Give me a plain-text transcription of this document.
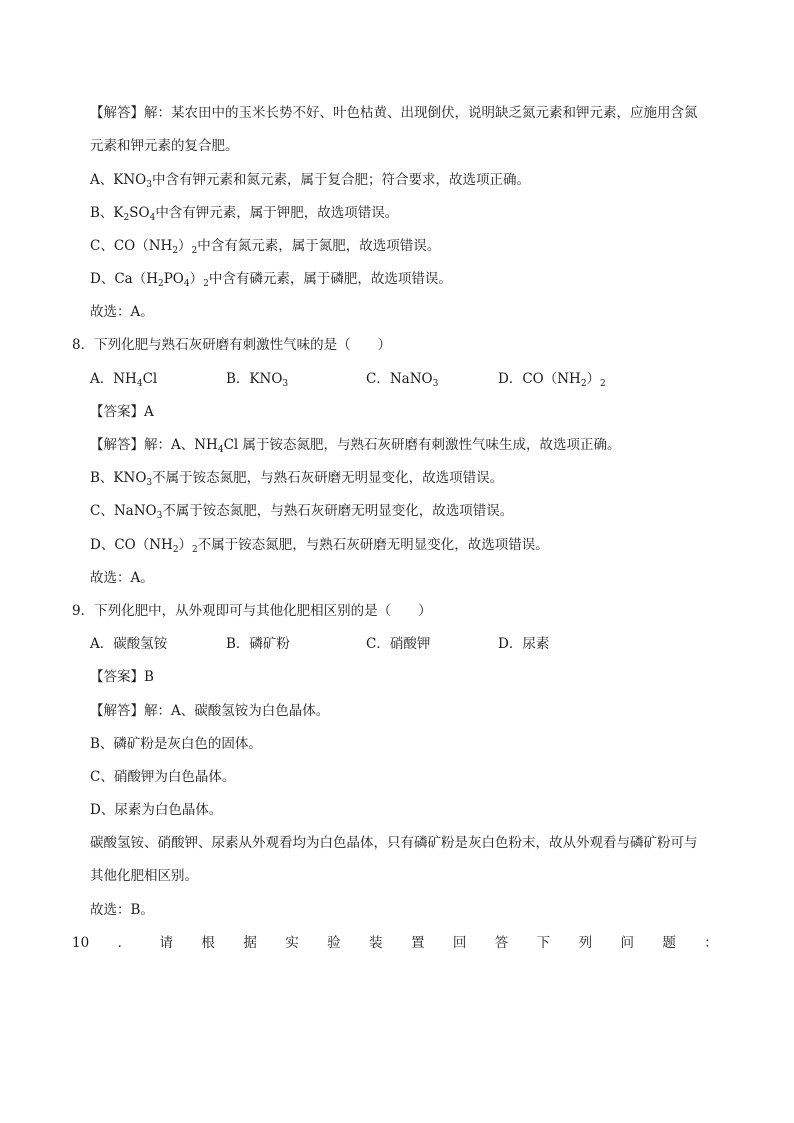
【解答】解：某农田中的玉米长势不好、叶色枯黄、出现倒伏，说明缺乏氮元素和钾元素，应施用含氮
元素和钾元素的复合肥。
A、$KNO_3$中含有钾元素和氮元素，属于复合肥；符合要求，故选项正确。
B、$K_2SO_4$中含有钾元素，属于钾肥，故选项错误。
C、$CO(NH_2)_2$中含有氮元素，属于氮肥，故选项错误。
D、$Ca(H_2PO_4)_2$中含有磷元素，属于磷肥，故选项错误。
故选：A。
8．下列化肥与熟石灰研磨有刺激性气味的是（　　）
A．$NH_4Cl$	B．$KNO_3$	C．NaNO$_3$	D．$CO(NH_2)_2$
【答案】A
【解答】解：A、$NH_4Cl$ 属于铵态氮肥，与熟石灰研磨有刺激性气味生成，故选项正确。
B、$KNO_3$不属于铵态氮肥，与熟石灰研磨无明显变化，故选项错误。
C、NaNO$_3$不属于铵态氮肥，与熟石灰研磨无明显变化，故选项错误。
D、$CO(NH_2)_2$不属于铵态氮肥，与熟石灰研磨无明显变化，故选项错误。
故选：A。
9．下列化肥中，从外观即可与其他化肥相区别的是（　　）
A．碳酸氢铵	B．磷矿粉	C．硝酸钾	D．尿素
【答案】B
【解答】解：A、碳酸氢铵为白色晶体。
B、磷矿粉是灰白色的固体。
C、硝酸钾为白色晶体。
D、尿素为白色晶体。
碳酸氢铵、硝酸钾、尿素从外观看均为白色晶体，只有磷矿粉是灰白色粉末，故从外观看与磷矿粉可与
其他化肥相区别。
故选：B。
10 ． 请 根 据 实 验 装 置 回 答 下 列 问 题 ：
